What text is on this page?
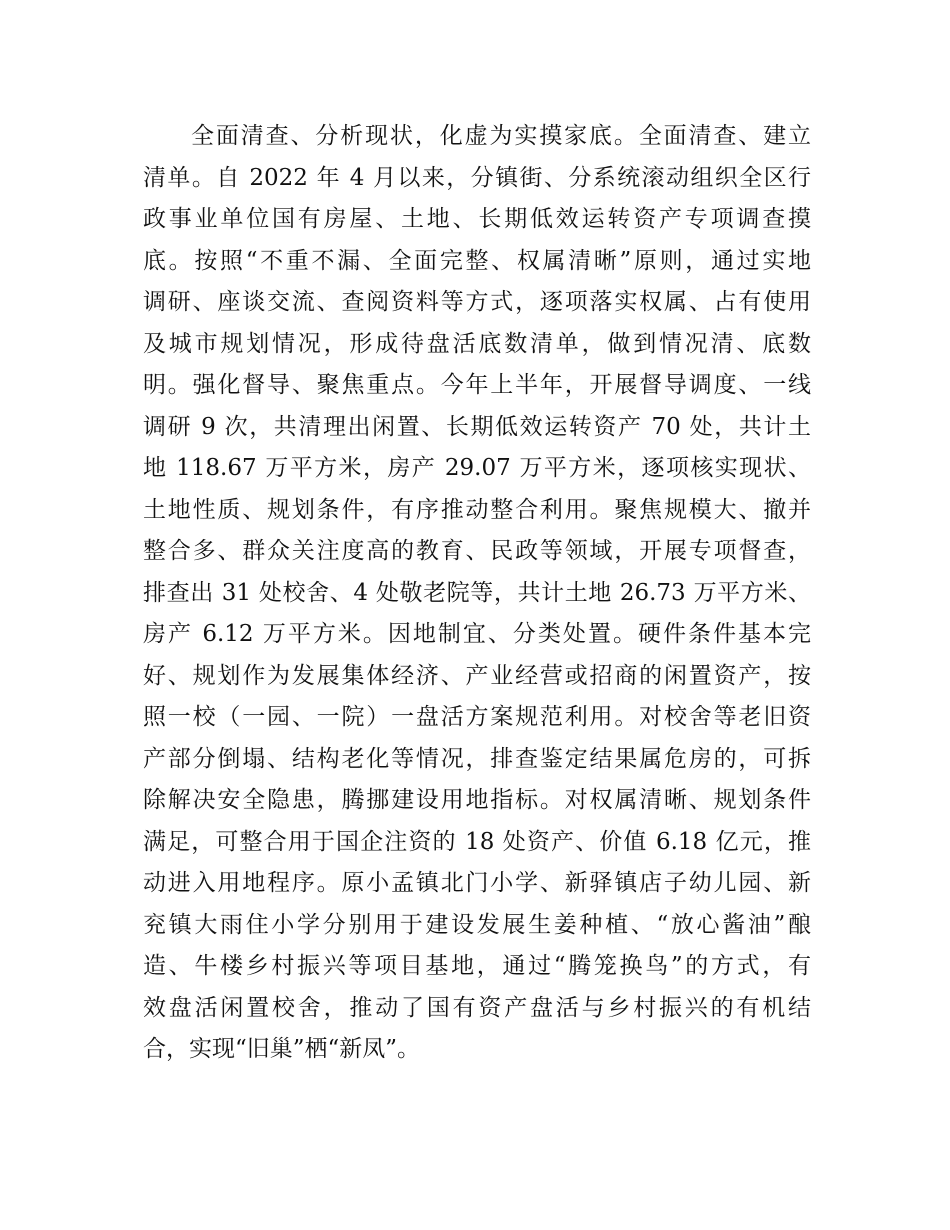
全面清查、分析现状，化虚为实摸家底。全面清查、建立
清单。自 2022 年 4 月以来，分镇街、分系统滚动组织全区行
政事业单位国有房屋、土地、长期低效运转资产专项调查摸
底。按照“不重不漏、全面完整、权属清晰”原则，通过实地
调研、座谈交流、查阅资料等方式，逐项落实权属、占有使用
及城市规划情况，形成待盘活底数清单，做到情况清、底数
明。强化督导、聚焦重点。今年上半年，开展督导调度、一线
调研 9 次，共清理出闲置、长期低效运转资产 70 处，共计土
地 118.67 万平方米，房产 29.07 万平方米，逐项核实现状、
土地性质、规划条件，有序推动整合利用。聚焦规模大、撤并
整合多、群众关注度高的教育、民政等领域，开展专项督查，
排查出 31 处校舍、4 处敬老院等，共计土地 26.73 万平方米、
房产 6.12 万平方米。因地制宜、分类处置。硬件条件基本完
好、规划作为发展集体经济、产业经营或招商的闲置资产，按
照一校（一园、一院）一盘活方案规范利用。对校舍等老旧资
产部分倒塌、结构老化等情况，排查鉴定结果属危房的，可拆
除解决安全隐患，腾挪建设用地指标。对权属清晰、规划条件
满足，可整合用于国企注资的 18 处资产、价值 6.18 亿元，推
动进入用地程序。原小孟镇北门小学、新驿镇店子幼儿园、新
兖镇大雨住小学分别用于建设发展生姜种植、“放心酱油”酿
造、牛楼乡村振兴等项目基地，通过“腾笼换鸟”的方式，有
效盘活闲置校舍，推动了国有资产盘活与乡村振兴的有机结
合，实现“旧巢”栖“新凤”。
